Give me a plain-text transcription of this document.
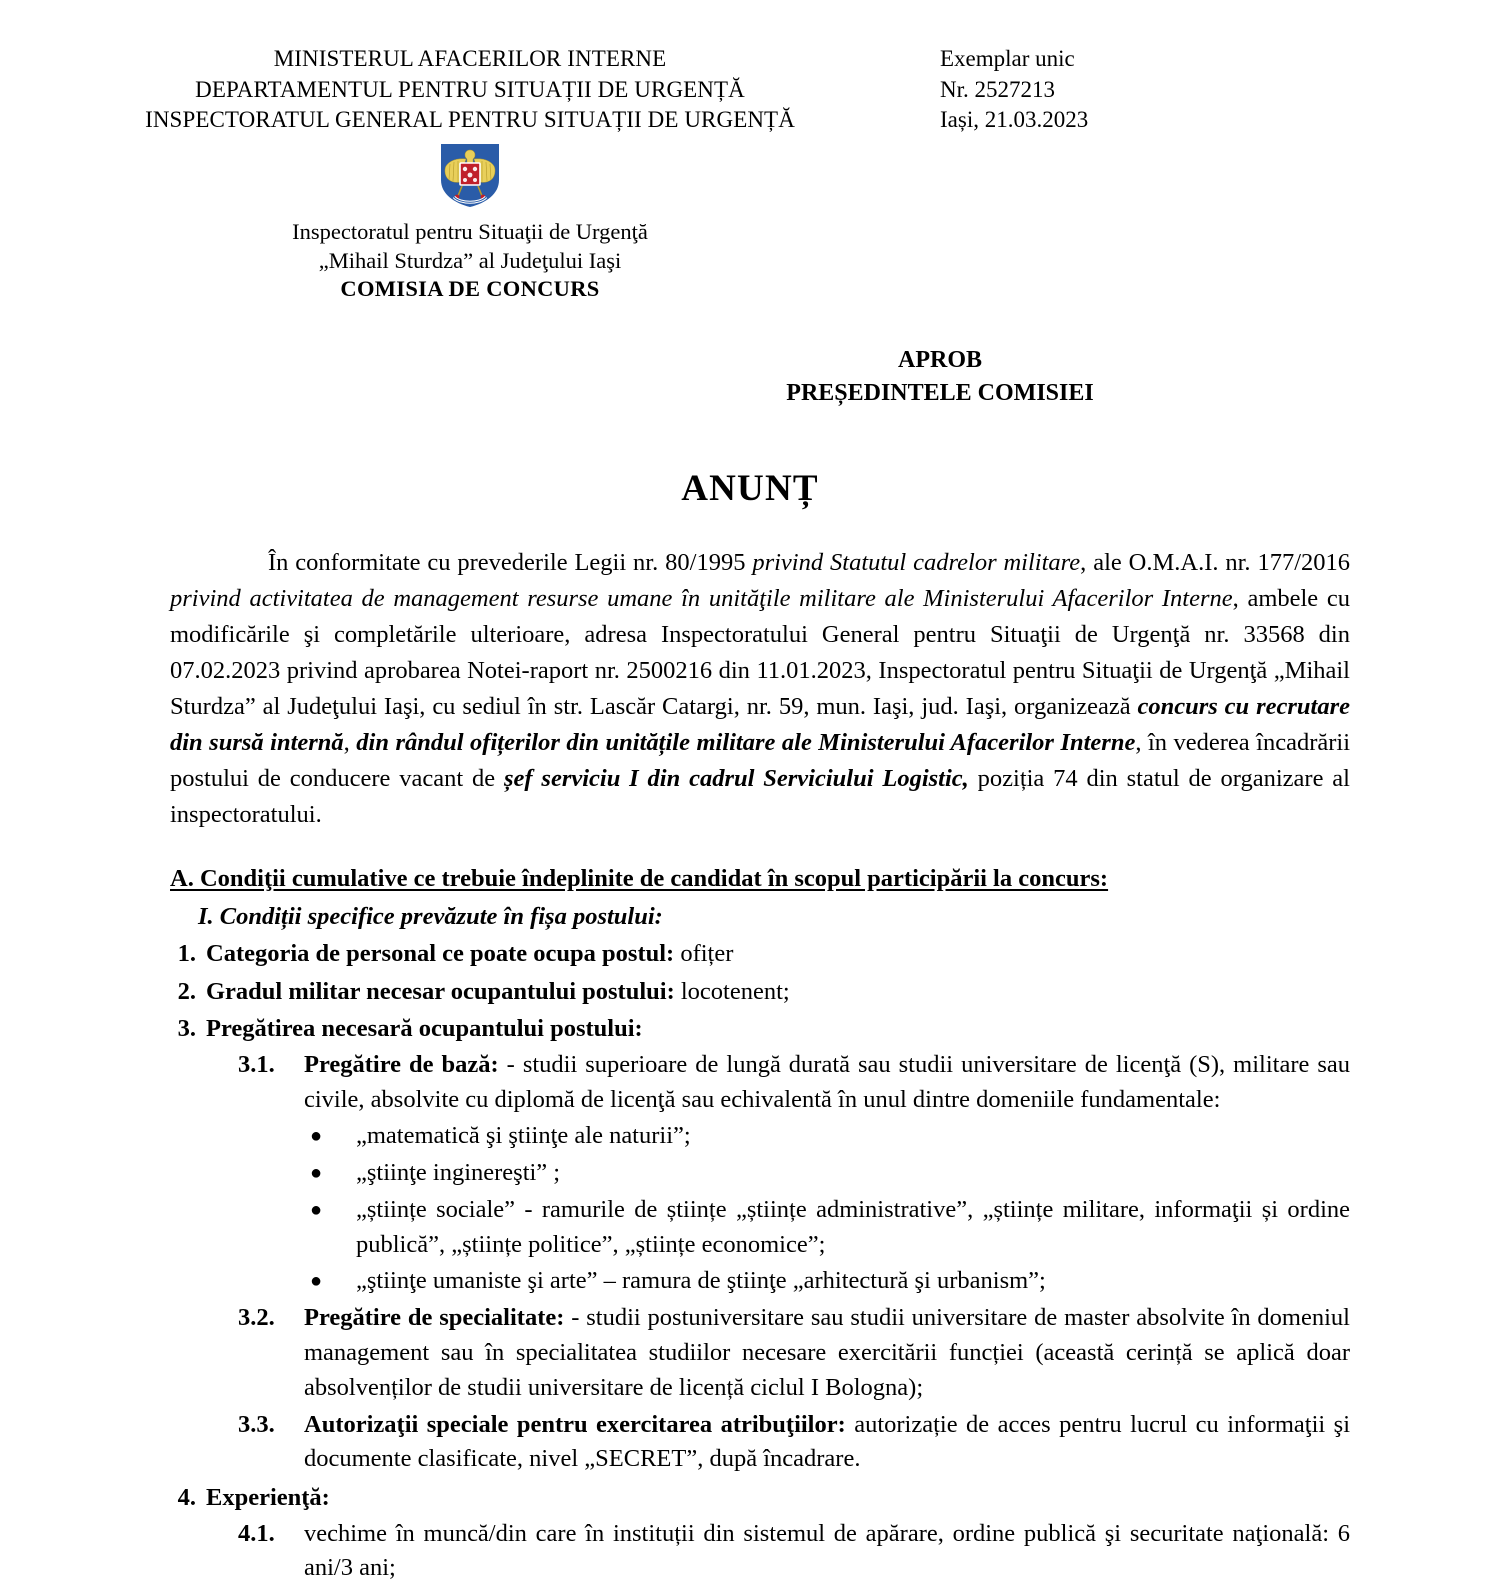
MINISTERUL AFACERILOR INTERNE
DEPARTAMENTUL PENTRU SITUAȚII DE URGENȚĂ
INSPECTORATUL GENERAL PENTRU SITUAȚII DE URGENȚĂ
Exemplar unic
Nr. 2527213
Iași, 21.03.2023
Inspectoratul pentru Situaţii de Urgenţă
„Mihail Sturdza” al Judeţului Iaşi
COMISIA DE CONCURS
APROB
PREȘEDINTELE COMISIEI
ANUNȚ

În conformitate cu prevederile Legii nr. 80/1995 privind Statutul cadrelor militare, ale O.M.A.I. nr. 177/2016 privind activitatea de management resurse umane în unităţile militare ale Ministerului Afacerilor Interne, ambele cu modificările şi completările ulterioare, adresa Inspectoratului General pentru Situaţii de Urgenţă nr. 33568 din 07.02.2023 privind aprobarea Notei-raport nr. 2500216 din 11.01.2023, Inspectoratul pentru Situaţii de Urgenţă „Mihail Sturdza” al Judeţului Iaşi, cu sediul în str. Lascăr Catargi, nr. 59, mun. Iaşi, jud. Iaşi, organizează concurs cu recrutare din sursă internă, din rândul ofițerilor din unitățile militare ale Ministerului Afacerilor Interne, în vederea încadrării postului de conducere vacant de șef serviciu I din cadrul Serviciului Logistic, poziția 74 din statul de organizare al inspectoratului.

A. Condiţii cumulative ce trebuie îndeplinite de candidat în scopul participării la concurs:
I. Condiții specifice prevăzute în fișa postului:
1. Categoria de personal ce poate ocupa postul: ofițer
2. Gradul militar necesar ocupantului postului: locotenent;
3. Pregătirea necesară ocupantului postului:
3.1.	Pregătire de bază: - studii superioare de lungă durată sau studii universitare de licenţă (S), militare sau civile, absolvite cu diplomă de licenţă sau echivalentă în unul dintre domeniile fundamentale:
●	„matematică şi ştiinţe ale naturii”;
●	„ştiinţe inginereşti” ;
●	„științe sociale” - ramurile de științe „științe administrative”, „științe militare, informaţii și ordine publică”, „științe politice”, „științe economice”;
●	„ştiinţe umaniste şi arte” – ramura de ştiinţe „arhitectură şi urbanism”;
3.2.	Pregătire de specialitate: - studii postuniversitare sau studii universitare de master absolvite în domeniul management sau în specialitatea studiilor necesare exercitării funcției (această cerință se aplică doar absolvenților de studii universitare de licență ciclul I Bologna);
3.3.	Autorizaţii speciale pentru exercitarea atribuţiilor: autorizație de acces pentru lucrul cu informaţii şi documente clasificate, nivel „SECRET”, după încadrare.
4. Experienţă:
4.1.	vechime în muncă/din care în instituții din sistemul de apărare, ordine publică şi securitate naţională: 6 ani/3 ani;
